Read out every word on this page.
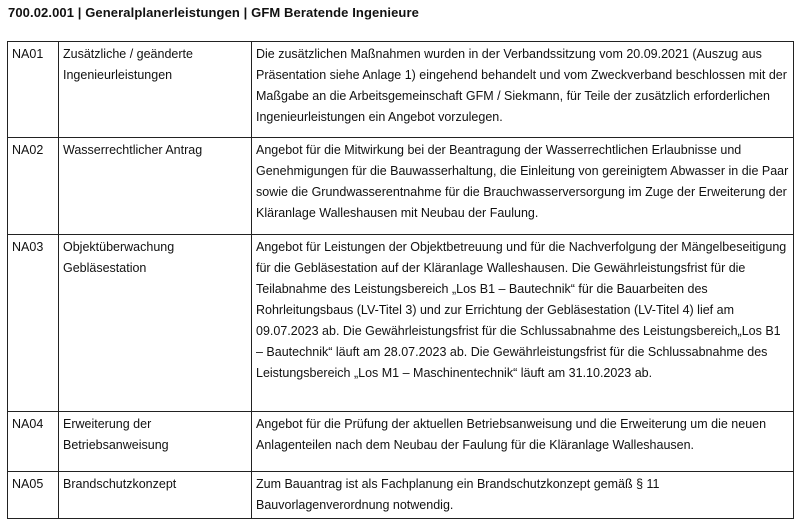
700.02.001 | Generalplanerleistungen | GFM Beratende Ingenieure
NA01	Zusätzliche / geänderte Ingenieurleistungen	Die zusätzlichen Maßnahmen wurden in der Verbandssitzung vom 20.09.2021 (Auszug aus Präsentation siehe Anlage 1) eingehend behandelt und vom Zweckverband beschlossen mit der Maßgabe an die Arbeitsgemeinschaft GFM / Siekmann, für Teile der zusätzlich erforderlichen Ingenieurleistungen ein Angebot vorzulegen.
NA02	Wasserrechtlicher Antrag	Angebot für die Mitwirkung bei der Beantragung der Wasserrechtlichen Erlaubnisse und Genehmigungen für die Bauwasserhaltung, die Einleitung von gereinigtem Abwasser in die Paar sowie die Grundwasserentnahme für die Brauchwasserversorgung im Zuge der Erweiterung der Kläranlage Walleshausen mit Neubau der Faulung.
NA03	Objektüberwachung Gebläsestation	Angebot für Leistungen der Objektbetreuung und für die Nachverfolgung der Mängelbeseitigung für die Gebläsestation auf der Kläranlage Walleshausen. Die Gewährleistungsfrist für die Teilabnahme des Leistungsbereich „Los B1 – Bautechnik“ für die Bauarbeiten des Rohrleitungsbaus (LV-Titel 3) und zur Errichtung der Gebläsestation (LV-Titel 4) lief am 09.07.2023 ab. Die Gewährleistungsfrist für die Schlussabnahme des Leistungsbereich„Los B1 – Bautechnik“ läuft am 28.07.2023 ab. Die Gewährleistungsfrist für die Schlussabnahme des Leistungsbereich „Los M1 – Maschinentechnik“ läuft am 31.10.2023 ab.
NA04	Erweiterung der Betriebsanweisung	Angebot für die Prüfung der aktuellen Betriebsanweisung und die Erweiterung um die neuen Anlagenteilen nach dem Neubau der Faulung für die Kläranlage Walleshausen.
NA05	Brandschutzkonzept	Zum Bauantrag ist als Fachplanung ein Brandschutzkonzept gemäß § 11 Bauvorlagenverordnung notwendig.
